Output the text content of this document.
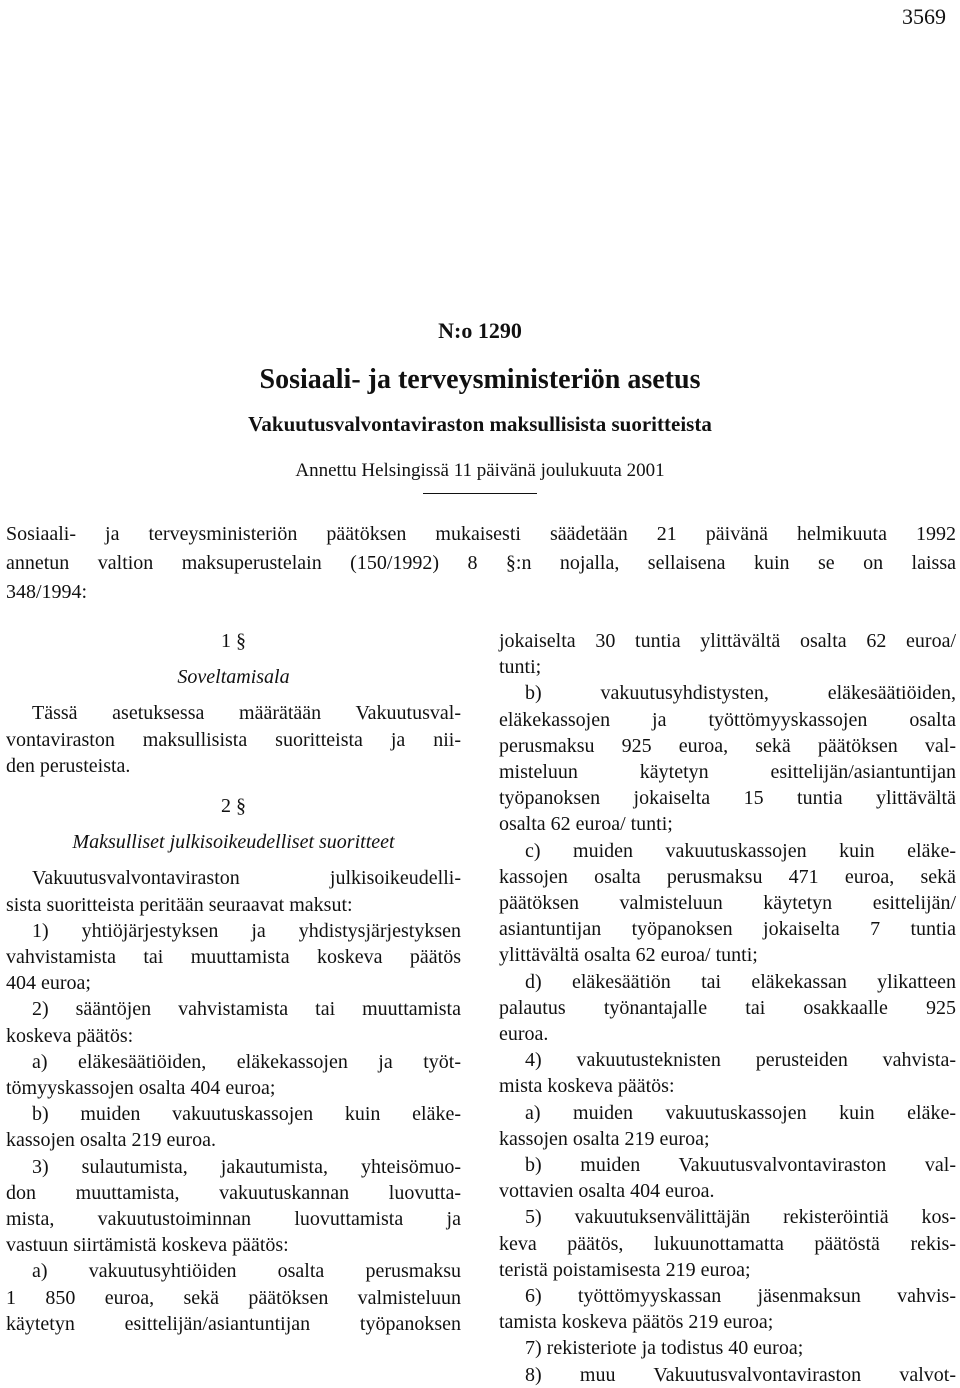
3569
N:o 1290
Sosiaali- ja terveysministeriön asetus
Vakuutusvalvontaviraston maksullisista suoritteista
Annettu Helsingissä 11 päivänä joulukuuta 2001
Sosiaali- ja terveysministeriön päätöksen mukaisesti säädetään 21 päivänä helmikuuta 1992
annetun valtion maksuperustelain (150/1992) 8 §:n nojalla, sellaisena kuin se on laissa
348/1994:
1 §
Soveltamisala
Tässä asetuksessa määrätään Vakuutusval-
vontaviraston maksullisista suoritteista ja nii-
den perusteista.
2 §
Maksulliset julkisoikeudelliset suoritteet
Vakuutusvalvontaviraston julkisoikeudelli-
sista suoritteista peritään seuraavat maksut:
1) yhtiöjärjestyksen ja yhdistysjärjestyksen
vahvistamista tai muuttamista koskeva päätös
404 euroa;
2) sääntöjen vahvistamista tai muuttamista
koskeva päätös:
a) eläkesäätiöiden, eläkekassojen ja työt-
tömyyskassojen osalta 404 euroa;
b) muiden vakuutuskassojen kuin eläke-
kassojen osalta 219 euroa.
3) sulautumista, jakautumista, yhteisömuo-
don muuttamista, vakuutuskannan luovutta-
mista, vakuutustoiminnan luovuttamista ja
vastuun siirtämistä koskeva päätös:
a) vakuutusyhtiöiden osalta perusmaksu
1 850 euroa, sekä päätöksen valmisteluun
käytetyn esittelijän/asiantuntijan työpanoksen
jokaiselta 30 tuntia ylittävältä osalta 62 euroa/
tunti;
b) vakuutusyhdistysten, eläkesäätiöiden,
eläkekassojen ja työttömyyskassojen osalta
perusmaksu 925 euroa, sekä päätöksen val-
misteluun käytetyn esittelijän/asiantuntijan
työpanoksen jokaiselta 15 tuntia ylittävältä
osalta 62 euroa/ tunti;
c) muiden vakuutuskassojen kuin eläke-
kassojen osalta perusmaksu 471 euroa, sekä
päätöksen valmisteluun käytetyn esittelijän/
asiantuntijan työpanoksen jokaiselta 7 tuntia
ylittävältä osalta 62 euroa/ tunti;
d) eläkesäätiön tai eläkekassan ylikatteen
palautus työnantajalle tai osakkaalle 925
euroa.
4) vakuutusteknisten perusteiden vahvista-
mista koskeva päätös:
a) muiden vakuutuskassojen kuin eläke-
kassojen osalta 219 euroa;
b) muiden Vakuutusvalvontaviraston val-
vottavien osalta 404 euroa.
5) vakuutuksenvälittäjän rekisteröintiä kos-
keva päätös, lukuunottamatta päätöstä rekis-
teristä poistamisesta 219 euroa;
6) työttömyyskassan jäsenmaksun vahvis-
tamista koskeva päätös 219 euroa;
7) rekisteriote ja todistus 40 euroa;
8) muu Vakuutusvalvontaviraston valvot-
